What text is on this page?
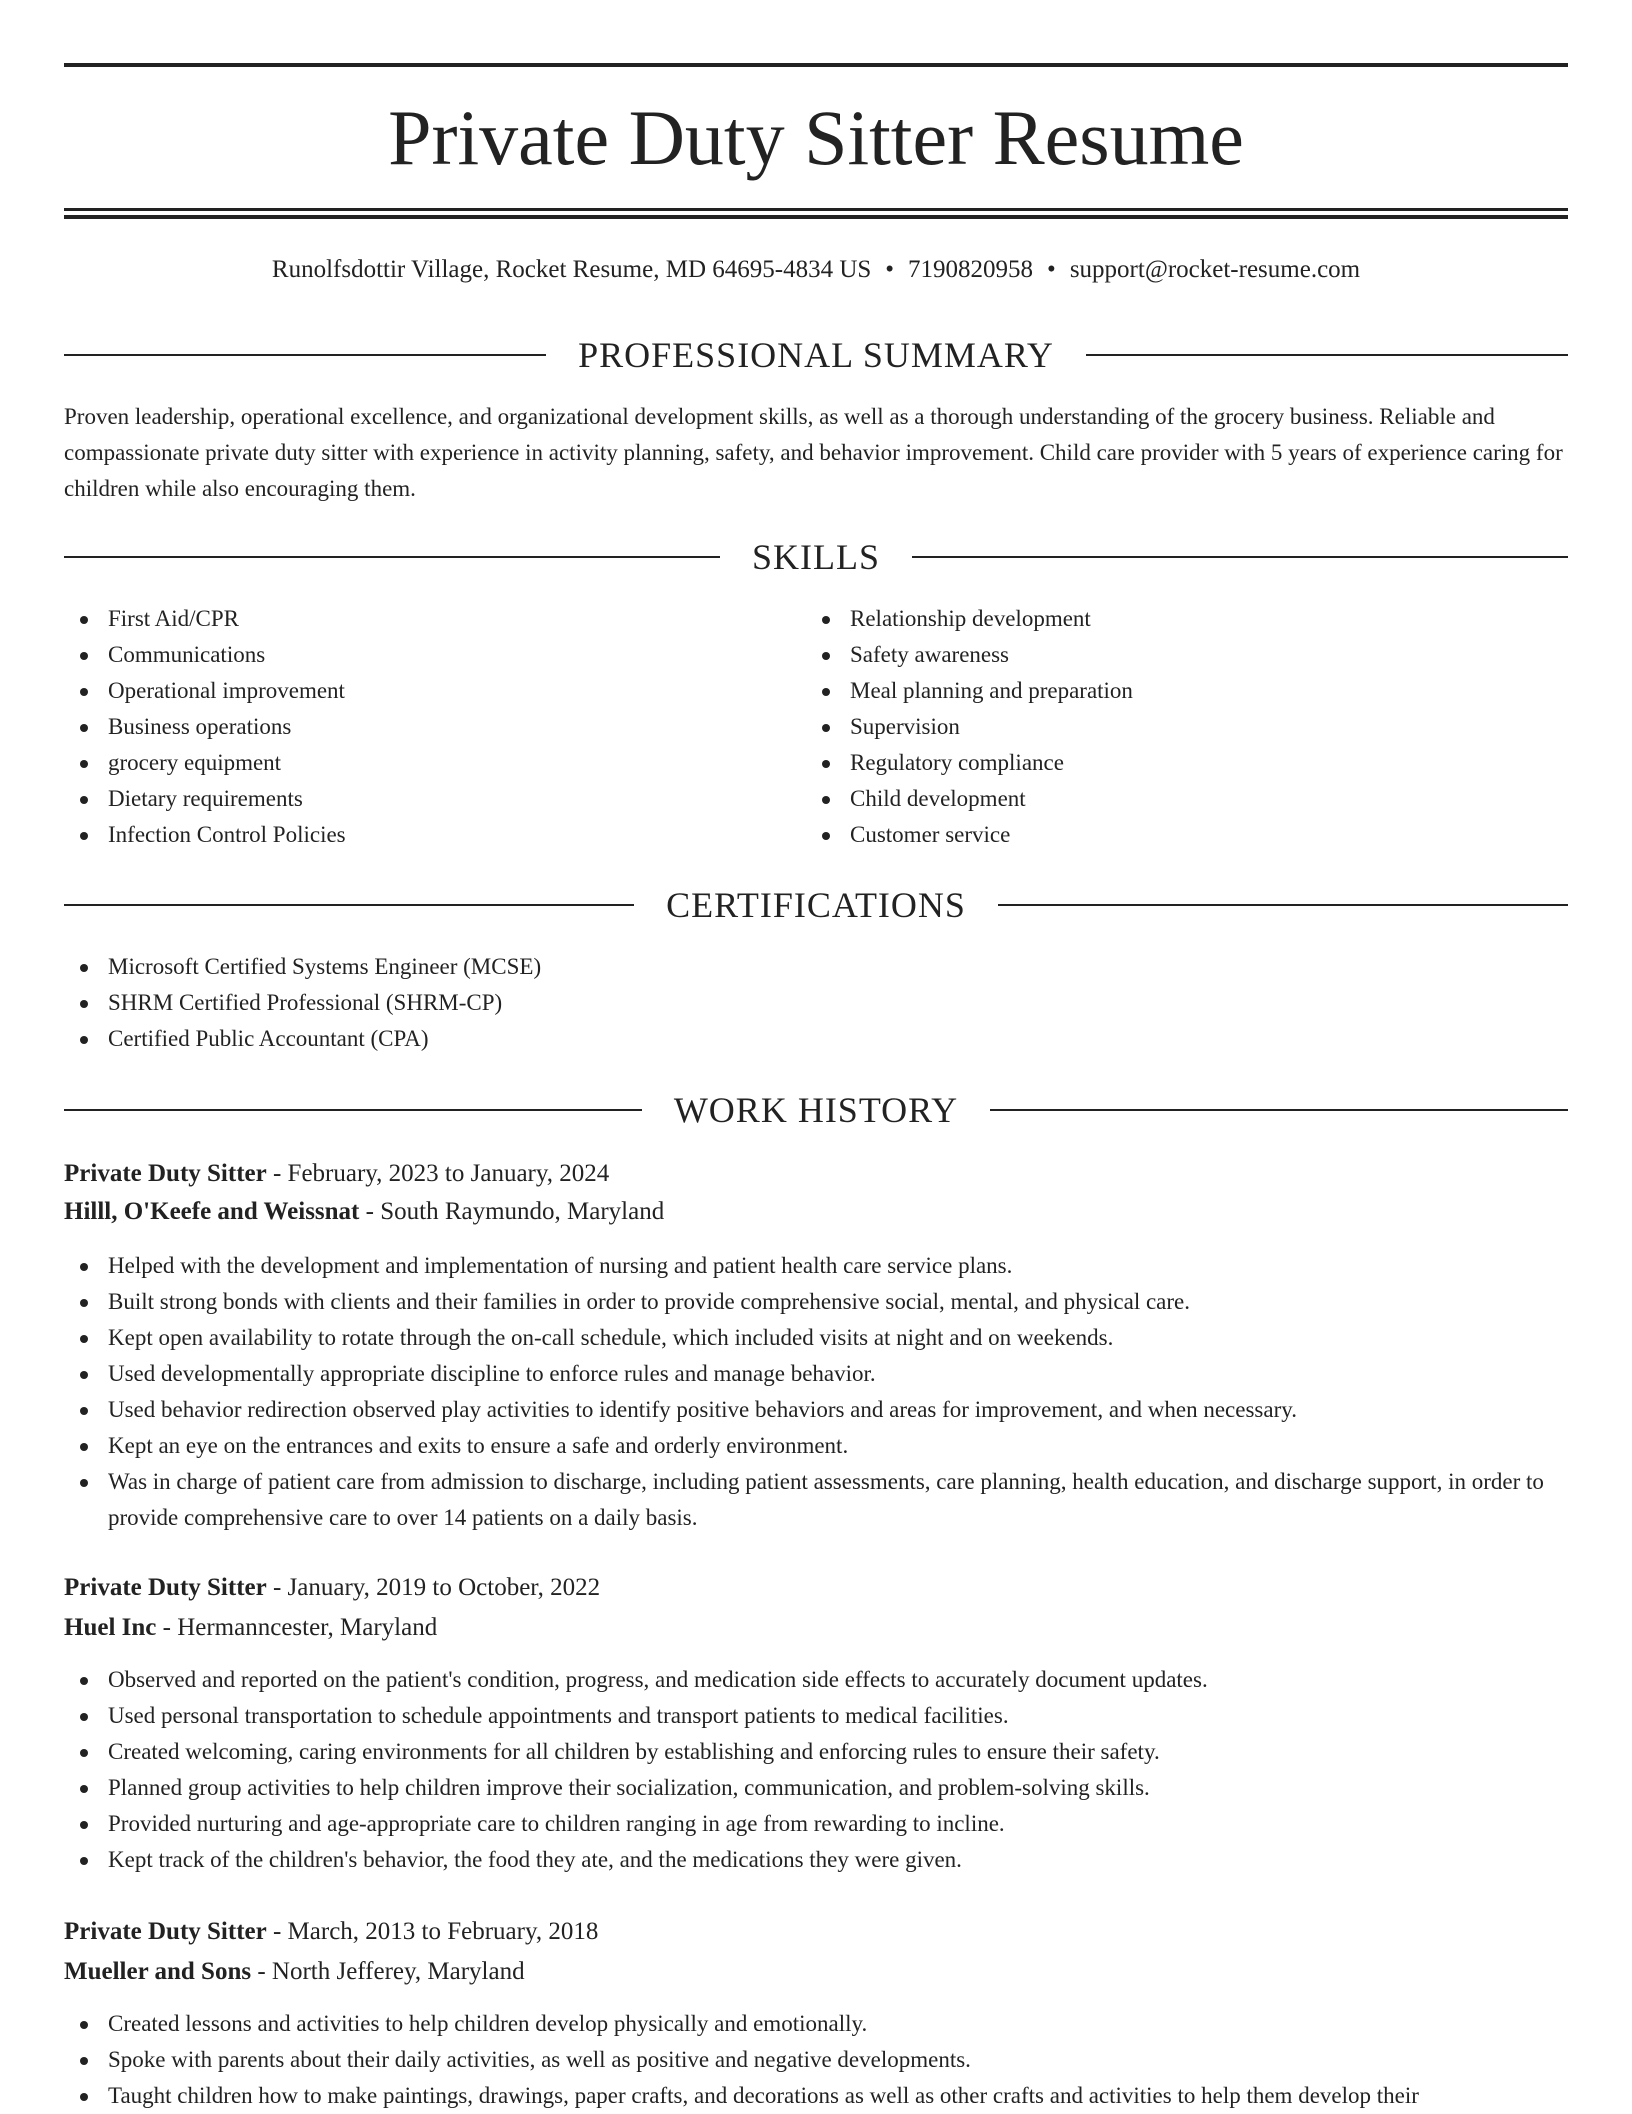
Private Duty Sitter Resume
Runolfsdottir Village, Rocket Resume, MD 64695-4834 US • 7190820958 • support@rocket-resume.com
PROFESSIONAL SUMMARY
Proven leadership, operational excellence, and organizational development skills, as well as a thorough understanding of the grocery business. Reliable and compassionate private duty sitter with experience in activity planning, safety, and behavior improvement. Child care provider with 5 years of experience caring for children while also encouraging them.
SKILLS
First Aid/CPR
Communications
Operational improvement
Business operations
grocery equipment
Dietary requirements
Infection Control Policies
Relationship development
Safety awareness
Meal planning and preparation
Supervision
Regulatory compliance
Child development
Customer service
CERTIFICATIONS
Microsoft Certified Systems Engineer (MCSE)
SHRM Certified Professional (SHRM-CP)
Certified Public Accountant (CPA)
WORK HISTORY
Private Duty Sitter - February, 2023 to January, 2024
Hilll, O'Keefe and Weissnat - South Raymundo, Maryland
Helped with the development and implementation of nursing and patient health care service plans.
Built strong bonds with clients and their families in order to provide comprehensive social, mental, and physical care.
Kept open availability to rotate through the on-call schedule, which included visits at night and on weekends.
Used developmentally appropriate discipline to enforce rules and manage behavior.
Used behavior redirection observed play activities to identify positive behaviors and areas for improvement, and when necessary.
Kept an eye on the entrances and exits to ensure a safe and orderly environment.
Was in charge of patient care from admission to discharge, including patient assessments, care planning, health education, and discharge support, in order to provide comprehensive care to over 14 patients on a daily basis.
Private Duty Sitter - January, 2019 to October, 2022
Huel Inc - Hermanncester, Maryland
Observed and reported on the patient's condition, progress, and medication side effects to accurately document updates.
Used personal transportation to schedule appointments and transport patients to medical facilities.
Created welcoming, caring environments for all children by establishing and enforcing rules to ensure their safety.
Planned group activities to help children improve their socialization, communication, and problem-solving skills.
Provided nurturing and age-appropriate care to children ranging in age from rewarding to incline.
Kept track of the children's behavior, the food they ate, and the medications they were given.
Private Duty Sitter - March, 2013 to February, 2018
Mueller and Sons - North Jefferey, Maryland
Created lessons and activities to help children develop physically and emotionally.
Spoke with parents about their daily activities, as well as positive and negative developments.
Taught children how to make paintings, drawings, paper crafts, and decorations as well as other crafts and activities to help them develop their
